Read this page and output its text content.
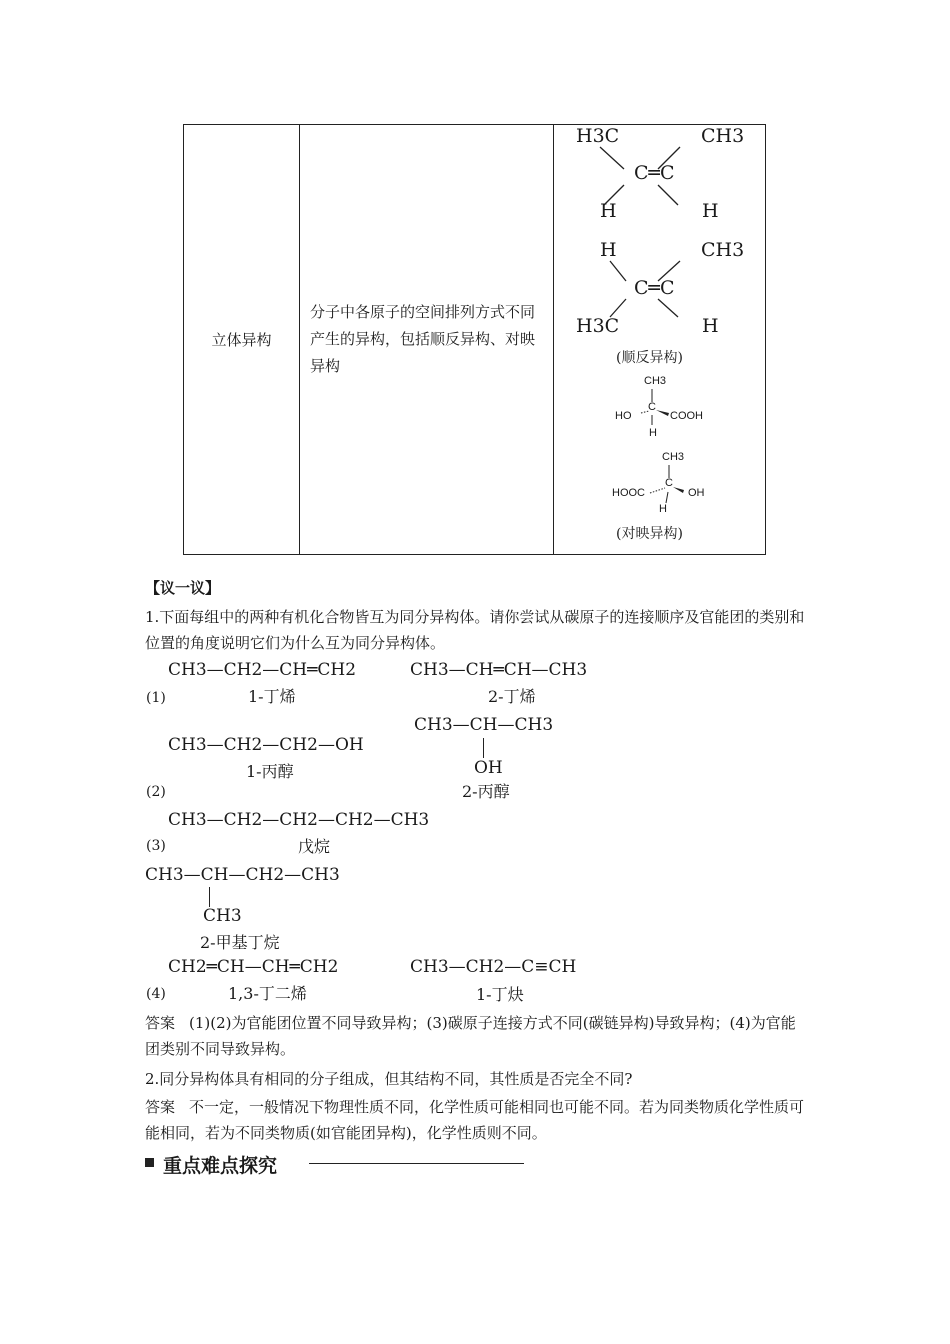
立体异构	分子中各原子的空间排列方式不同产生的异构，包括顺反异构、对映异构	
H3C	CH3
C═C
H	H
H	CH3
C═C
H3C	H
(顺反异构)
CH3
C
HO	COOH
H
CH3
C
HOOC	OH
H
(对映异构)
【议一议】
1.下面每组中的两种有机化合物皆互为同分异构体。请你尝试从碳原子的连接顺序及官能团的类别和位置的角度说明它们为什么互为同分异构体。
(1)
CH3—CH2—CH═CH2
1-丁烯
CH3—CH═CH—CH3
2-丁烯
(2)
CH3—CH2—CH2—OH
1-丙醇
CH3—CH—CH3
OH
2-丙醇
(3)
CH3—CH2—CH2—CH2—CH3
戊烷
CH3—CH—CH2—CH3
CH3
2-甲基丁烷
(4)
CH2═CH—CH═CH2
1,3-丁二烯
CH3—CH2—C≡CH
1-丁炔
答案 (1)(2)为官能团位置不同导致异构；(3)碳原子连接方式不同(碳链异构)导致异构；(4)为官能团类别不同导致异构。
2.同分异构体具有相同的分子组成，但其结构不同，其性质是否完全不同?
答案 不一定，一般情况下物理性质不同，化学性质可能相同也可能不同。若为同类物质化学性质可能相同，若为不同类物质(如官能团异构)，化学性质则不同。
重点难点探究
